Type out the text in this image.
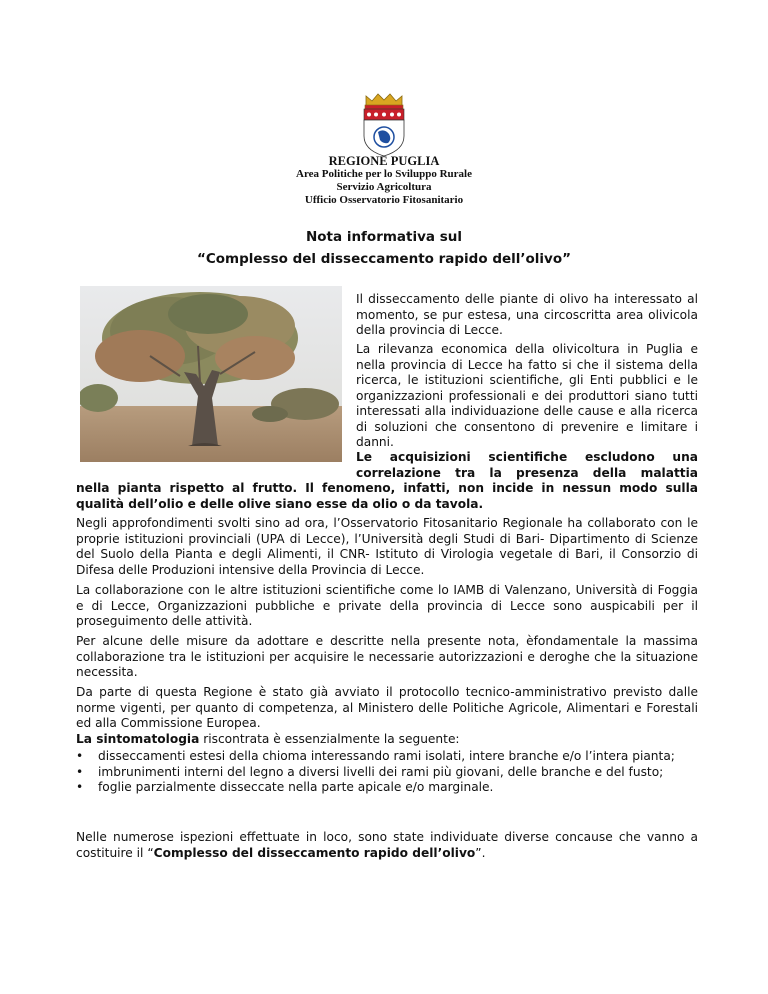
REGIONE PUGLIA
Area Politiche per lo Sviluppo Rurale
Servizio Agricoltura
Ufficio Osservatorio Fitosanitario
Nota informativa sul
“Complesso del disseccamento rapido dell’olivo”

Il disseccamento delle piante di olivo ha interessato al momento, se pur estesa, una circoscritta area olivicola della provincia di Lecce.

La rilevanza economica della olivicoltura in Puglia e nella provincia di Lecce ha fatto si che il sistema della ricerca, le istituzioni scientifiche, gli Enti pubblici e le organizzazioni professionali e dei produttori siano tutti interessati alla individuazione delle cause e alla ricerca di soluzioni che consentono di prevenire e limitare i danni.

Le acquisizioni scientifiche escludono una
correlazione tra la presenza della malattia

nella pianta rispetto al frutto. Il fenomeno, infatti, non incide in nessun modo sulla qualità dell’olio e delle olive siano esse da olio o da tavola.

Negli approfondimenti svolti sino ad ora, l’Osservatorio Fitosanitario Regionale ha collaborato con le proprie istituzioni provinciali (UPA di Lecce), l’Università degli Studi di Bari- Dipartimento di Scienze del Suolo della Pianta e degli Alimenti, il CNR- Istituto di Virologia vegetale di Bari, il Consorzio di Difesa delle Produzioni intensive della Provincia di Lecce.

La collaborazione con le altre istituzioni scientifiche come lo IAMB di Valenzano, Università di Foggia e di Lecce, Organizzazioni pubbliche e private della provincia di Lecce sono auspicabili per il proseguimento delle attività.

Per alcune delle misure da adottare e descritte nella presente nota, èfondamentale la massima collaborazione tra le istituzioni per acquisire le necessarie autorizzazioni e deroghe che la situazione necessita.

Da parte di questa Regione è stato già avviato il protocollo tecnico-amministrativo previsto dalle norme vigenti, per quanto di competenza, al Ministero delle Politiche Agricole, Alimentari e Forestali ed alla Commissione Europea.

La sintomatologia riscontrata è essenzialmente la seguente:

• disseccamenti estesi della chioma interessando rami isolati, intere branche e/o l’intera pianta;
• imbrunimenti interni del legno a diversi livelli dei rami più giovani, delle branche e del fusto;
• foglie parzialmente disseccate nella parte apicale e/o marginale.

Nelle numerose ispezioni effettuate in loco, sono state individuate diverse concause che vanno a costituire il “Complesso del disseccamento rapido dell’olivo”.
